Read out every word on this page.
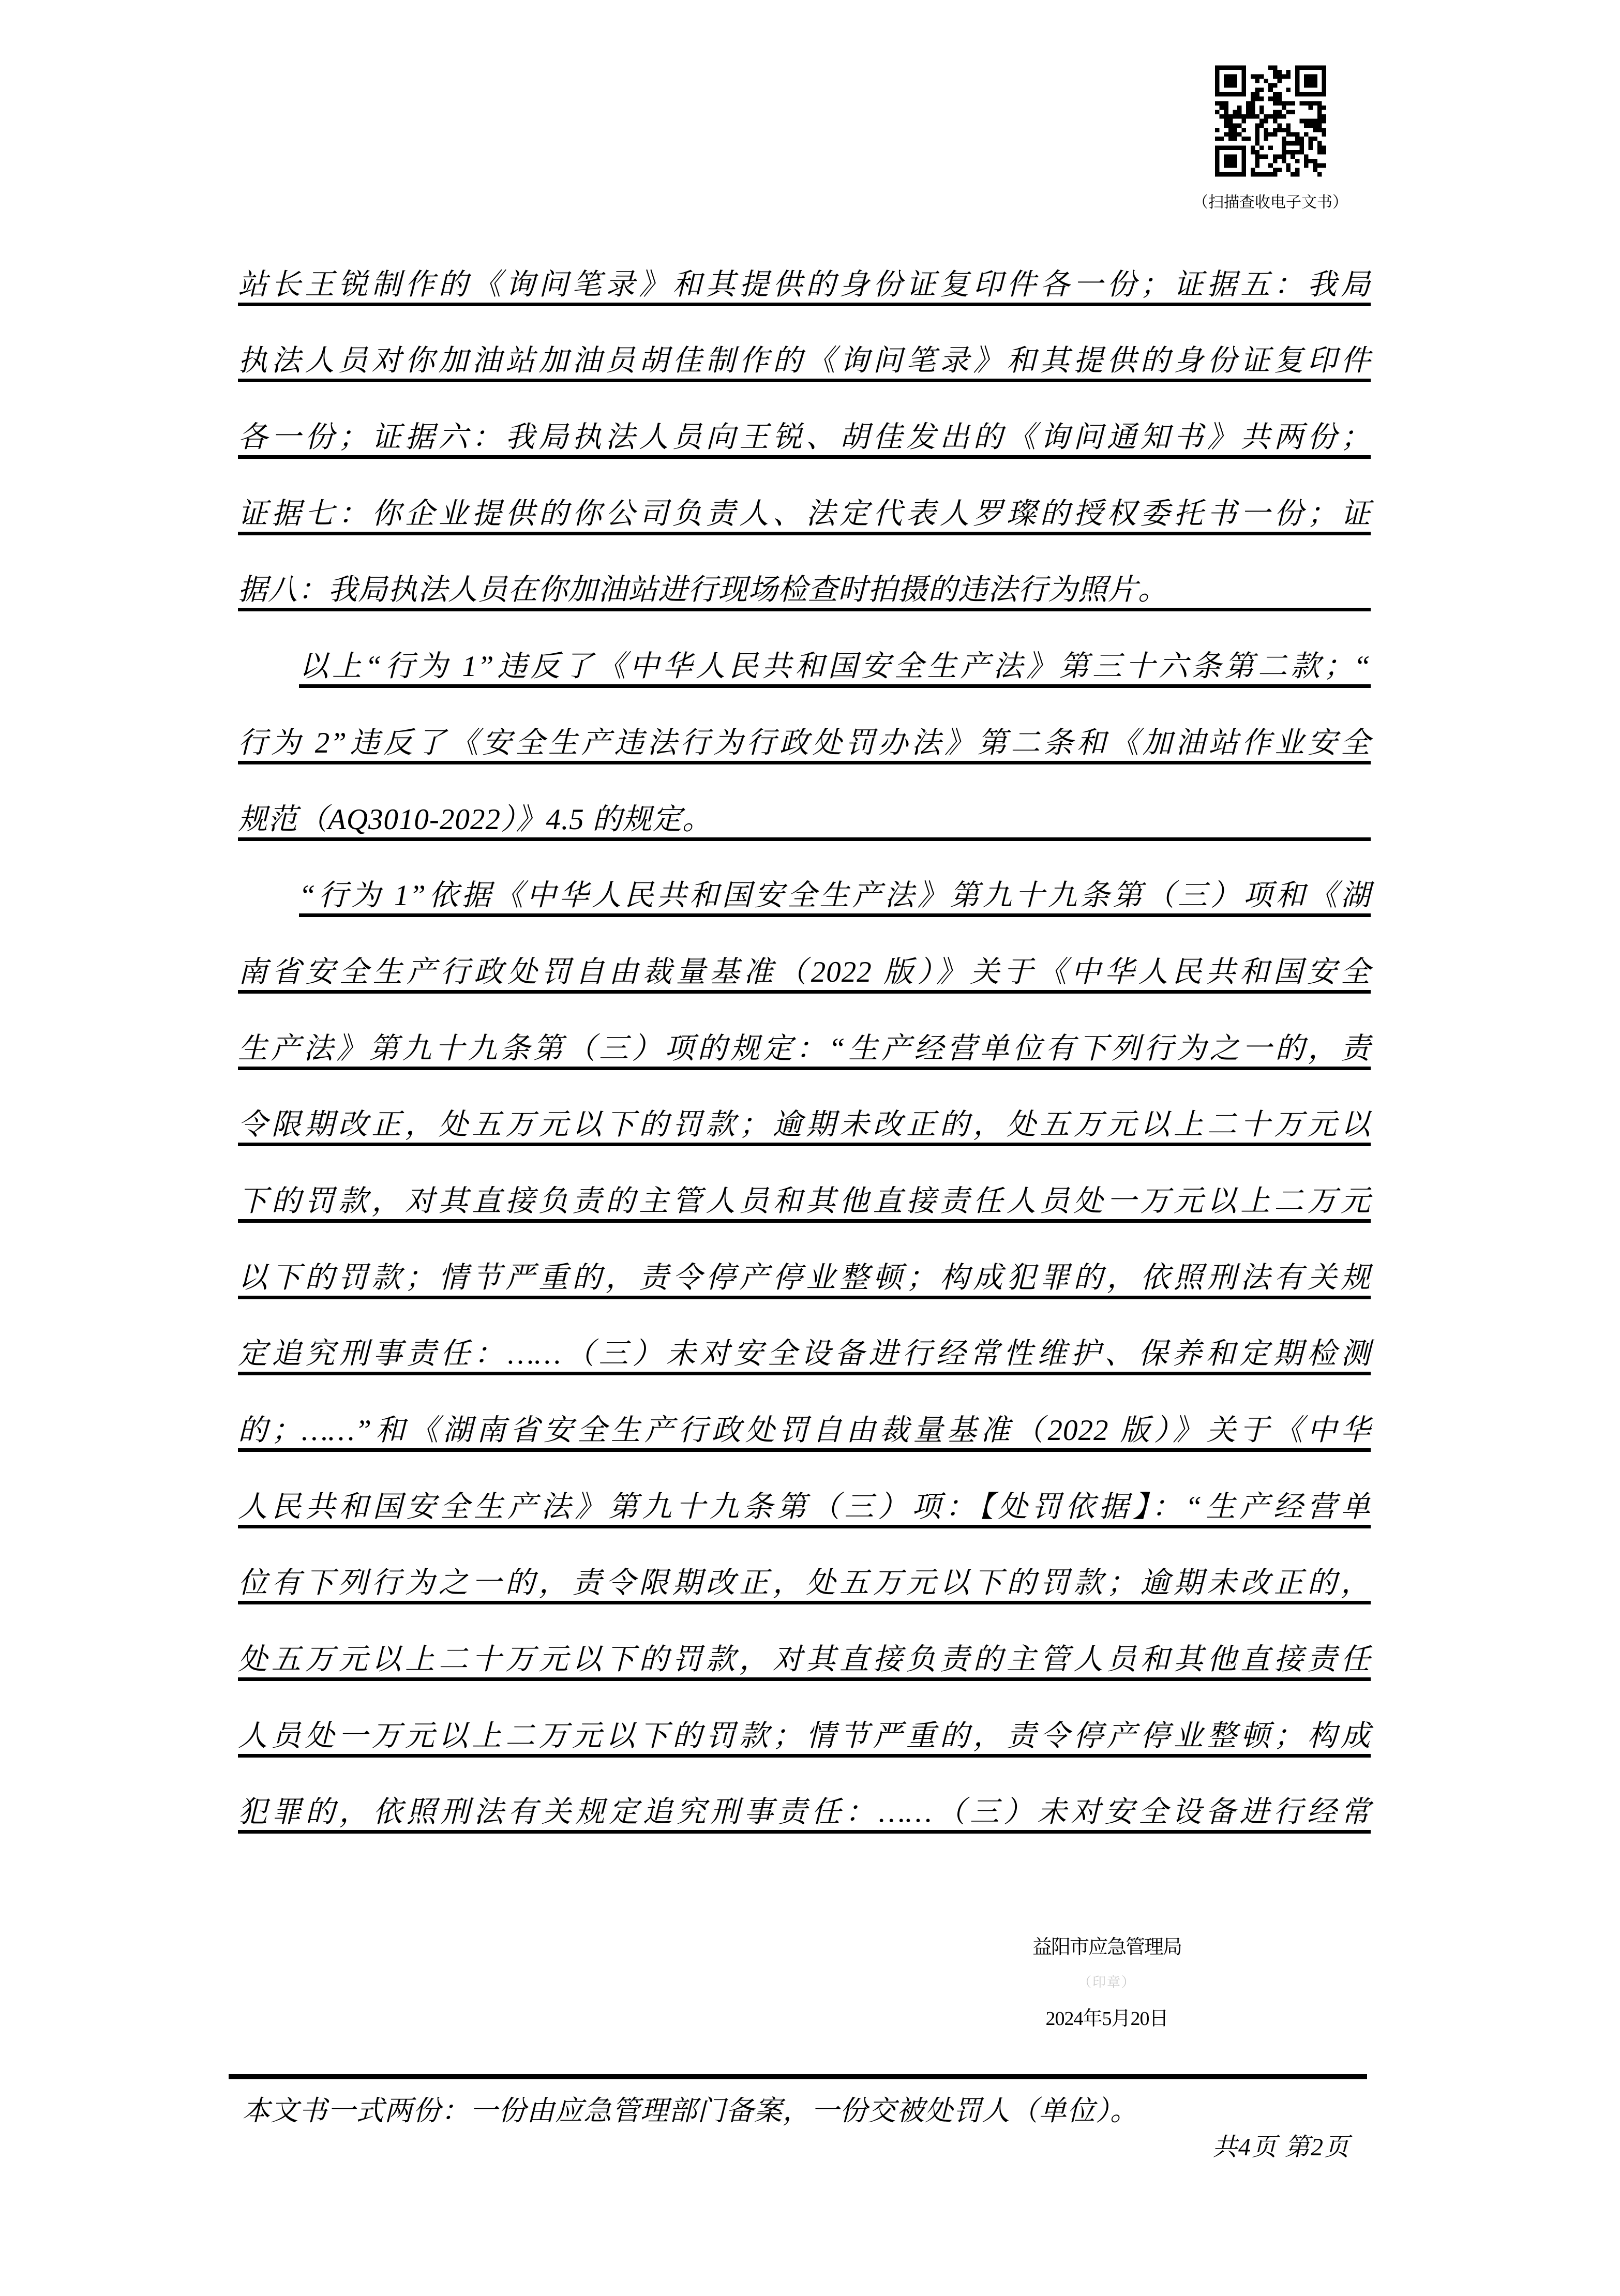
（扫描查收电子文书）
站长王锐制作的《询问笔录》和其提供的身份证复印件各一份；证据五：我局
执法人员对你加油站加油员胡佳制作的《询问笔录》和其提供的身份证复印件
各一份；证据六：我局执法人员向王锐、胡佳发出的《询问通知书》共两份；
证据七：你企业提供的你公司负责人、法定代表人罗璨的授权委托书一份；证
据八：我局执法人员在你加油站进行现场检查时拍摄的违法行为照片。
以上“行为 1”违反了《中华人民共和国安全生产法》第三十六条第二款；“
行为 2”违反了《安全生产违法行为行政处罚办法》第二条和《加油站作业安全
规范（AQ3010-2022）》4.5 的规定。
“行为 1”依据《中华人民共和国安全生产法》第九十九条第（三）项和《湖
南省安全生产行政处罚自由裁量基准（2022 版）》关于《中华人民共和国安全
生产法》第九十九条第（三）项的规定：“生产经营单位有下列行为之一的，责
令限期改正，处五万元以下的罚款；逾期未改正的，处五万元以上二十万元以
下的罚款，对其直接负责的主管人员和其他直接责任人员处一万元以上二万元
以下的罚款；情节严重的，责令停产停业整顿；构成犯罪的，依照刑法有关规
定追究刑事责任：……（三）未对安全设备进行经常性维护、保养和定期检测
的；……”和《湖南省安全生产行政处罚自由裁量基准（2022 版）》关于《中华
人民共和国安全生产法》第九十九条第（三）项：【处罚依据】：“生产经营单
位有下列行为之一的，责令限期改正，处五万元以下的罚款；逾期未改正的，
处五万元以上二十万元以下的罚款，对其直接负责的主管人员和其他直接责任
人员处一万元以上二万元以下的罚款；情节严重的，责令停产停业整顿；构成
犯罪的，依照刑法有关规定追究刑事责任：……（三）未对安全设备进行经常
益阳市应急管理局
（印章）
2024年5月20日
本文书一式两份：一份由应急管理部门备案，一份交被处罚人（单位）。
共4页 第2页
